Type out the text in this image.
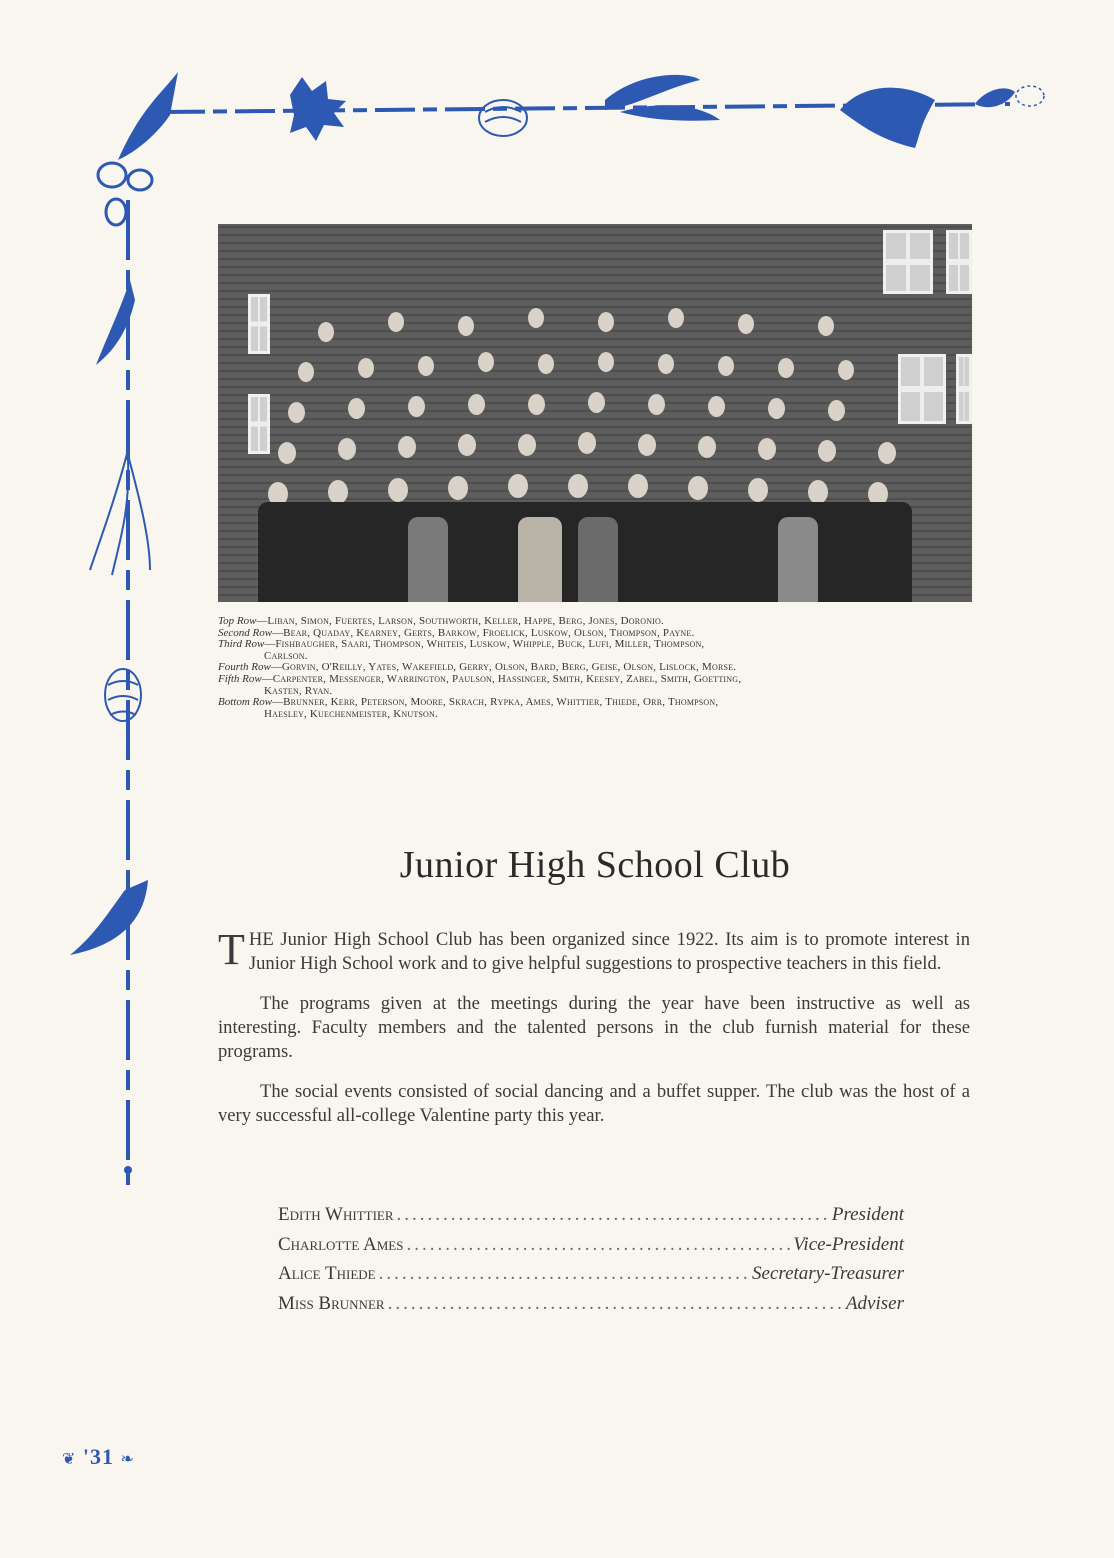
Top Row—Liban, Simon, Fuertes, Larson, Southworth, Keller, Happe, Berg, Jones, Doronio.
Second Row—Bear, Quaday, Kearney, Gerts, Barkow, Froelick, Luskow, Olson, Thompson, Payne.
Third Row—Fishbaugher, Saari, Thompson, Whiteis, Luskow, Whipple, Buck, Lufi, Miller, Thompson,
Carlson.
Fourth Row—Gorvin, O'Reilly, Yates, Wakefield, Gerry, Olson, Bard, Berg, Geise, Olson, Lislock, Morse.
Fifth Row—Carpenter, Messenger, Warrington, Paulson, Hassinger, Smith, Keesey, Zabel, Smith, Goetting,
Kasten, Ryan.
Bottom Row—Brunner, Kerr, Peterson, Moore, Skrach, Rypka, Ames, Whittier, Thiede, Orr, Thompson,
Haesley, Kuechenmeister, Knutson.
Junior High School Club

THE Junior High School Club has been organized since 1922. Its aim is to promote interest in Junior High School work and to give helpful suggestions to prospective teachers in this field.

The programs given at the meetings during the year have been instructive as well as interesting. Faculty members and the talented persons in the club furnish material for these programs.

The social events consisted of social dancing and a buffet supper. The club was the host of a very successful all-college Valentine party this year.

Edith Whittier .....	President
Charlotte Ames .....	Vice-President
Alice Thiede .....	Secretary-Treasurer
Miss Brunner .....	Adviser
❦ '31 ❧
